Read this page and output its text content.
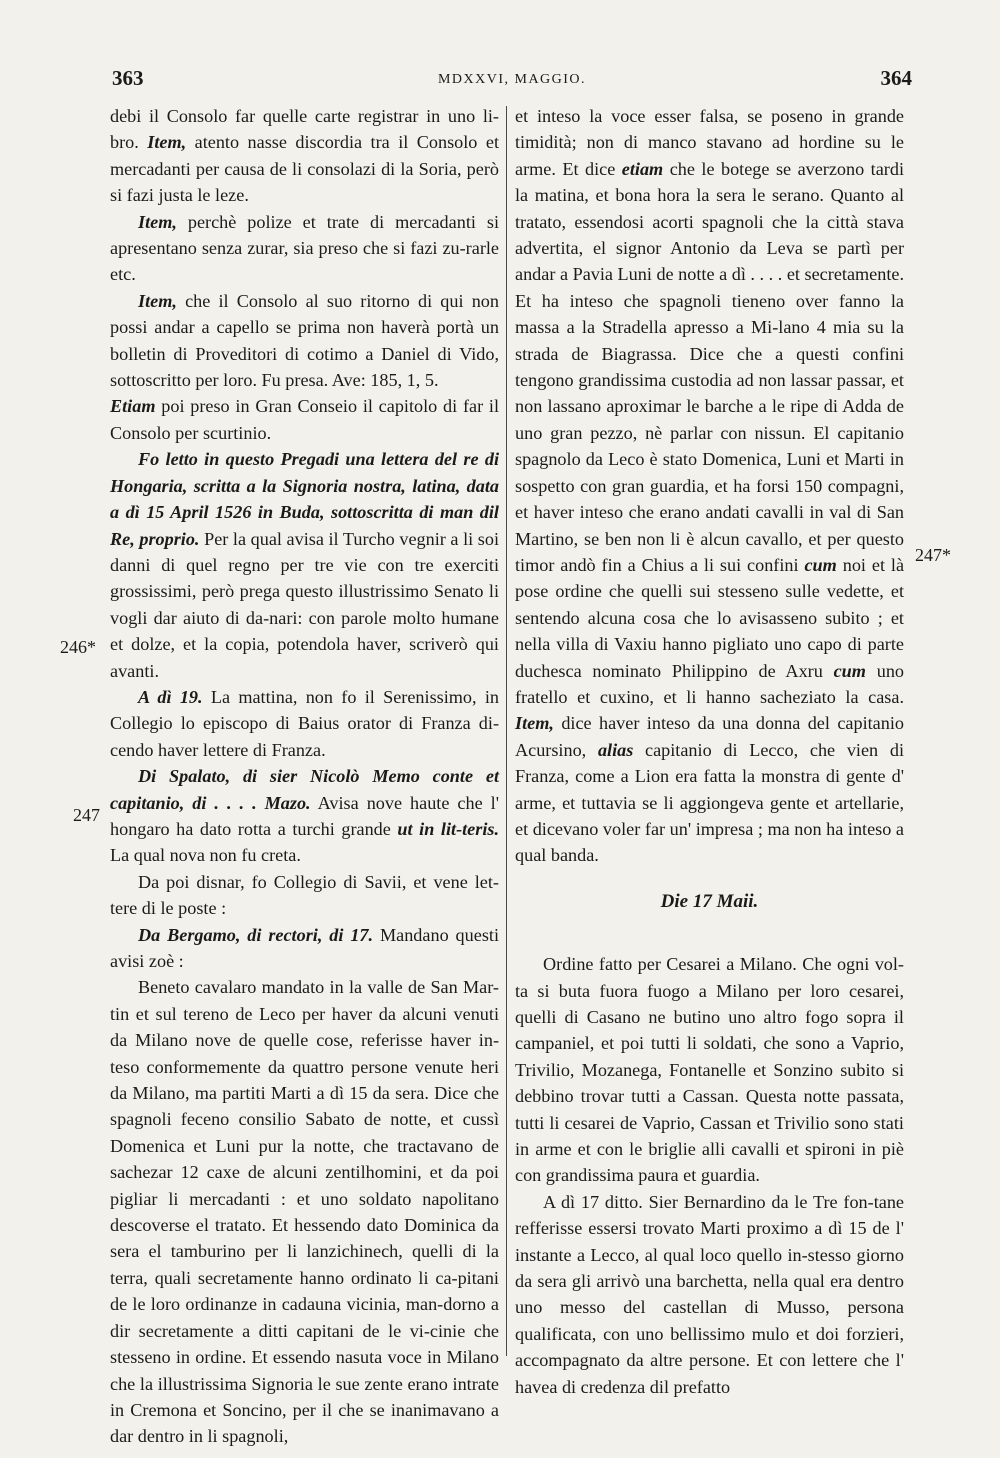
363	MDXXVI, MAGGIO.	364
246*
247
247*

debi il Consolo far quelle carte registrar in uno li-bro. Item, atento nasse discordia tra il Consolo et mercadanti per causa de li consolazi di la Soria, però si fazi justa le leze.

Item, perchè polize et trate di mercadanti si apresentano senza zurar, sia preso che si fazi zu-rarle etc.

Item, che il Consolo al suo ritorno di qui non possi andar a capello se prima non haverà portà un bolletin di Proveditori di cotimo a Daniel di Vido, sottoscritto per loro. Fu presa. Ave: 185, 1, 5.

Etiam poi preso in Gran Conseio il capitolo di far il Consolo per scurtinio.

Fo letto in questo Pregadi una lettera del re di Hongaria, scritta a la Signoria nostra, latina, data a dì 15 April 1526 in Buda, sottoscritta di man dil Re, proprio. Per la qual avisa il Turcho vegnir a li soi danni di quel regno per tre vie con tre exerciti grossissimi, però prega questo illustrissimo Senato li vogli dar aiuto di da-nari: con parole molto humane et dolze, et la copia, potendola haver, scriverò qui avanti.

A dì 19. La mattina, non fo il Serenissimo, in Collegio lo episcopo di Baius orator di Franza di-cendo haver lettere di Franza.

Di Spalato, di sier Nicolò Memo conte et capitanio, di . . . . Mazo. Avisa nove haute che l' hongaro ha dato rotta a turchi grande ut in lit-teris. La qual nova non fu creta.

Da poi disnar, fo Collegio di Savii, et vene let-tere di le poste :

Da Bergamo, di rectori, di 17. Mandano questi avisi zoè :

Beneto cavalaro mandato in la valle de San Mar-tin et sul tereno de Leco per haver da alcuni venuti da Milano nove de quelle cose, referisse haver in-teso conformemente da quattro persone venute heri da Milano, ma partiti Marti a dì 15 da sera. Dice che spagnoli feceno consilio Sabato de notte, et cussì Domenica et Luni pur la notte, che tractavano de sachezar 12 caxe de alcuni zentilhomini, et da poi pigliar li mercadanti : et uno soldato napolitano descoverse el tratato. Et hessendo dato Dominica da sera el tamburino per li lanzichinech, quelli di la terra, quali secretamente hanno ordinato li ca-pitani de le loro ordinanze in cadauna vicinia, man-dorno a dir secretamente a ditti capitani de le vi-cinie che stesseno in ordine. Et essendo nasuta voce in Milano che la illustrissima Signoria le sue zente erano intrate in Cremona et Soncino, per il che se inanimavano a dar dentro in li spagnoli,

et inteso la voce esser falsa, se poseno in grande timidità; non di manco stavano ad hordine su le arme. Et dice etiam che le botege se averzono tardi la matina, et bona hora la sera le serano. Quanto al tratato, essendosi acorti spagnoli che la città stava advertita, el signor Antonio da Leva se partì per andar a Pavia Luni de notte a dì . . . . et secretamente. Et ha inteso che spagnoli tieneno over fanno la massa a la Stradella apresso a Mi-lano 4 mia su la strada de Biagrassa. Dice che a questi confini tengono grandissima custodia ad non lassar passar, et non lassano aproximar le barche a le ripe di Adda de uno gran pezzo, nè parlar con nissun. El capitanio spagnolo da Leco è stato Domenica, Luni et Marti in sospetto con gran guardia, et ha forsi 150 compagni, et haver inteso che erano andati cavalli in val di San Martino, se ben non li è alcun cavallo, et per questo timor andò fin a Chius a li sui confini cum noi et là pose ordine che quelli sui stesseno sulle vedette, et sentendo alcuna cosa che lo avisasseno subito ; et nella villa di Vaxiu hanno pigliato uno capo di parte duchesca nominato Philippino de Axru cum uno fratello et cuxino, et li hanno sacheziato la casa. Item, dice haver inteso da una donna del capitanio Acursino, alias capitanio di Lecco, che vien di Franza, come a Lion era fatta la monstra di gente d' arme, et tuttavia se li aggiongeva gente et artellarie, et dicevano voler far un' impresa ; ma non ha inteso a qual banda.

Die 17 Maii.

Ordine fatto per Cesarei a Milano. Che ogni vol-ta si buta fuora fuogo a Milano per loro cesarei, quelli di Casano ne butino uno altro fogo sopra il campaniel, et poi tutti li soldati, che sono a Vaprio, Trivilio, Mozanega, Fontanelle et Sonzino subito si debbino trovar tutti a Cassan. Questa notte passata, tutti li cesarei de Vaprio, Cassan et Trivilio sono stati in arme et con le briglie alli cavalli et spironi in piè con grandissima paura et guardia.

A dì 17 ditto. Sier Bernardino da le Tre fon-tane refferisse essersi trovato Marti proximo a dì 15 de l' instante a Lecco, al qual loco quello in-stesso giorno da sera gli arrivò una barchetta, nella qual era dentro uno messo del castellan di Musso, persona qualificata, con uno bellissimo mulo et doi forzieri, accompagnato da altre persone. Et con lettere che l' havea di credenza dil prefatto
